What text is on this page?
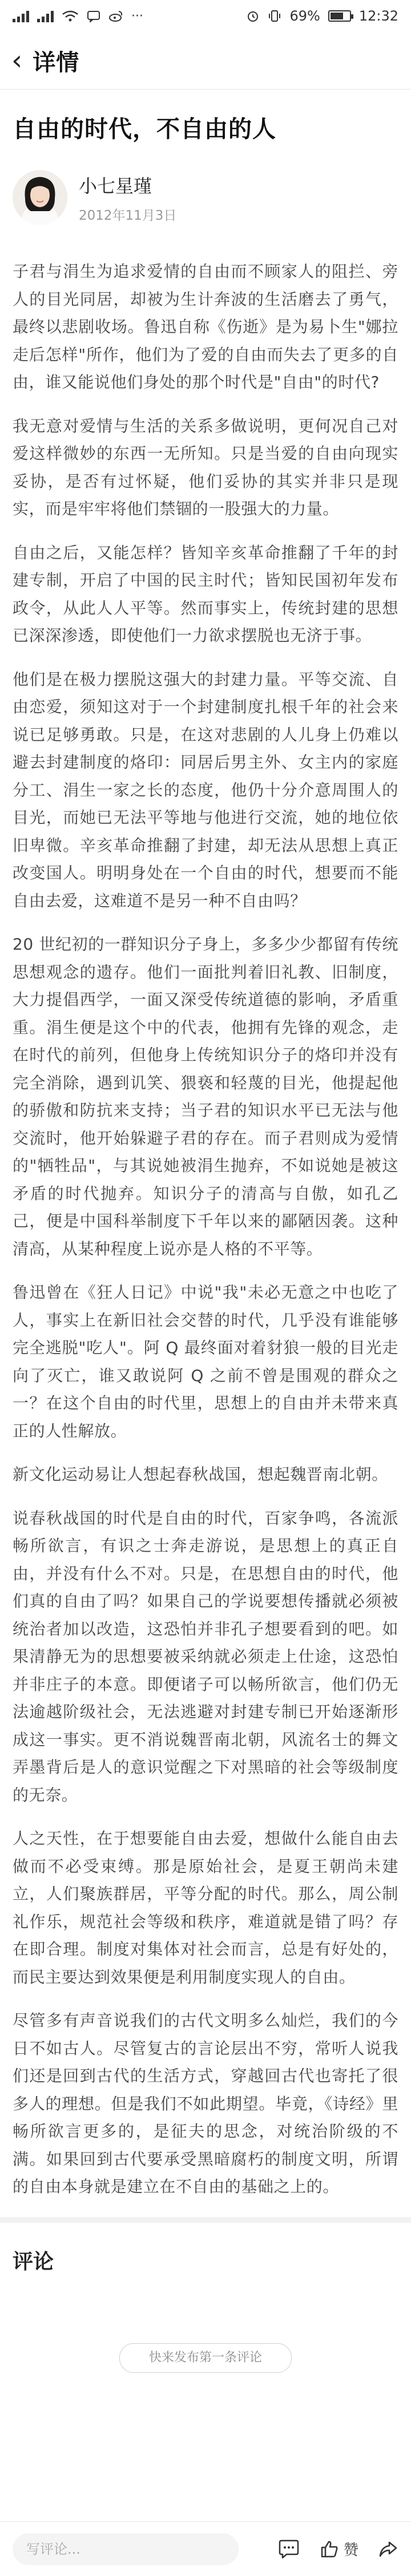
···	69%	12:32
‹ 详情
自由的时代，不自由的人
小七星瑾
2012年11月3日

子君与涓生为追求爱情的自由而不顾家人的阻拦、旁人的目光同居，却被为生计奔波的生活磨去了勇气，最终以悲剧收场。鲁迅自称《伤逝》是为易卜生"娜拉走后怎样"所作，他们为了爱的自由而失去了更多的自由，谁又能说他们身处的那个时代是"自由"的时代?

我无意对爱情与生活的关系多做说明，更何况自己对爱这样微妙的东西一无所知。只是当爱的自由向现实妥协，是否有过怀疑，他们妥协的其实并非只是现实，而是牢牢将他们禁锢的一股强大的力量。

自由之后，又能怎样？皆知辛亥革命推翻了千年的封建专制，开启了中国的民主时代；皆知民国初年发布政令，从此人人平等。然而事实上，传统封建的思想已深深渗透，即使他们一力欲求摆脱也无济于事。

他们是在极力摆脱这强大的封建力量。平等交流、自由恋爱，须知这对于一个封建制度扎根千年的社会来说已足够勇敢。只是，在这对悲剧的人儿身上仍难以避去封建制度的烙印：同居后男主外、女主内的家庭分工、涓生一家之长的态度，他仍十分介意周围人的目光，而她已无法平等地与他进行交流，她的地位依旧卑微。辛亥革命推翻了封建，却无法从思想上真正改变国人。明明身处在一个自由的时代，想要而不能自由去爱，这难道不是另一种不自由吗？

20 世纪初的一群知识分子身上，多多少少都留有传统思想观念的遗存。他们一面批判着旧礼教、旧制度，大力提倡西学，一面又深受传统道德的影响，矛盾重重。涓生便是这个中的代表，他拥有先锋的观念，走在时代的前列，但他身上传统知识分子的烙印并没有完全消除，遇到讥笑、猥亵和轻蔑的目光，他提起他的骄傲和防抗来支持；当子君的知识水平已无法与他交流时，他开始躲避子君的存在。而子君则成为爱情的"牺牲品"，与其说她被涓生抛弃，不如说她是被这矛盾的时代抛弃。知识分子的清高与自傲，如孔乙己，便是中国科举制度下千年以来的鄙陋因袭。这种清高，从某种程度上说亦是人格的不平等。

鲁迅曾在《狂人日记》中说"我"未必无意之中也吃了人，事实上在新旧社会交替的时代，几乎没有谁能够完全逃脱"吃人"。阿 Q 最终面对着豺狼一般的目光走向了灭亡，谁又敢说阿 Q 之前不曾是围观的群众之一？在这个自由的时代里，思想上的自由并未带来真正的人性解放。

新文化运动易让人想起春秋战国，想起魏晋南北朝。

说春秋战国的时代是自由的时代，百家争鸣，各流派畅所欲言，有识之士奔走游说，是思想上的真正自由，并没有什么不对。只是，在思想自由的时代，他们真的自由了吗？如果自己的学说要想传播就必须被统治者加以改造，这恐怕并非孔子想要看到的吧。如果清静无为的思想要被采纳就必须走上仕途，这恐怕并非庄子的本意。即便诸子可以畅所欲言，他们仍无法逾越阶级社会，无法逃避对封建专制已开始逐渐形成这一事实。更不消说魏晋南北朝，风流名士的舞文弄墨背后是人的意识觉醒之下对黑暗的社会等级制度的无奈。

人之天性，在于想要能自由去爱，想做什么能自由去做而不必受束缚。那是原始社会，是夏王朝尚未建立，人们聚族群居，平等分配的时代。那么，周公制礼作乐，规范社会等级和秩序，难道就是错了吗？存在即合理。制度对集体对社会而言，总是有好处的，而民主要达到效果便是利用制度实现人的自由。

尽管多有声音说我们的古代文明多么灿烂，我们的今日不如古人。尽管复古的言论层出不穷，常听人说我们还是回到古代的生活方式，穿越回古代也寄托了很多人的理想。但是我们不如此期望。毕竟，《诗经》里畅所欲言更多的，是征夫的思念，对统治阶级的不满。如果回到古代要承受黑暗腐朽的制度文明，所谓的自由本身就是建立在不自由的基础之上的。

评论
快来发布第一条评论
写评论...
赞
